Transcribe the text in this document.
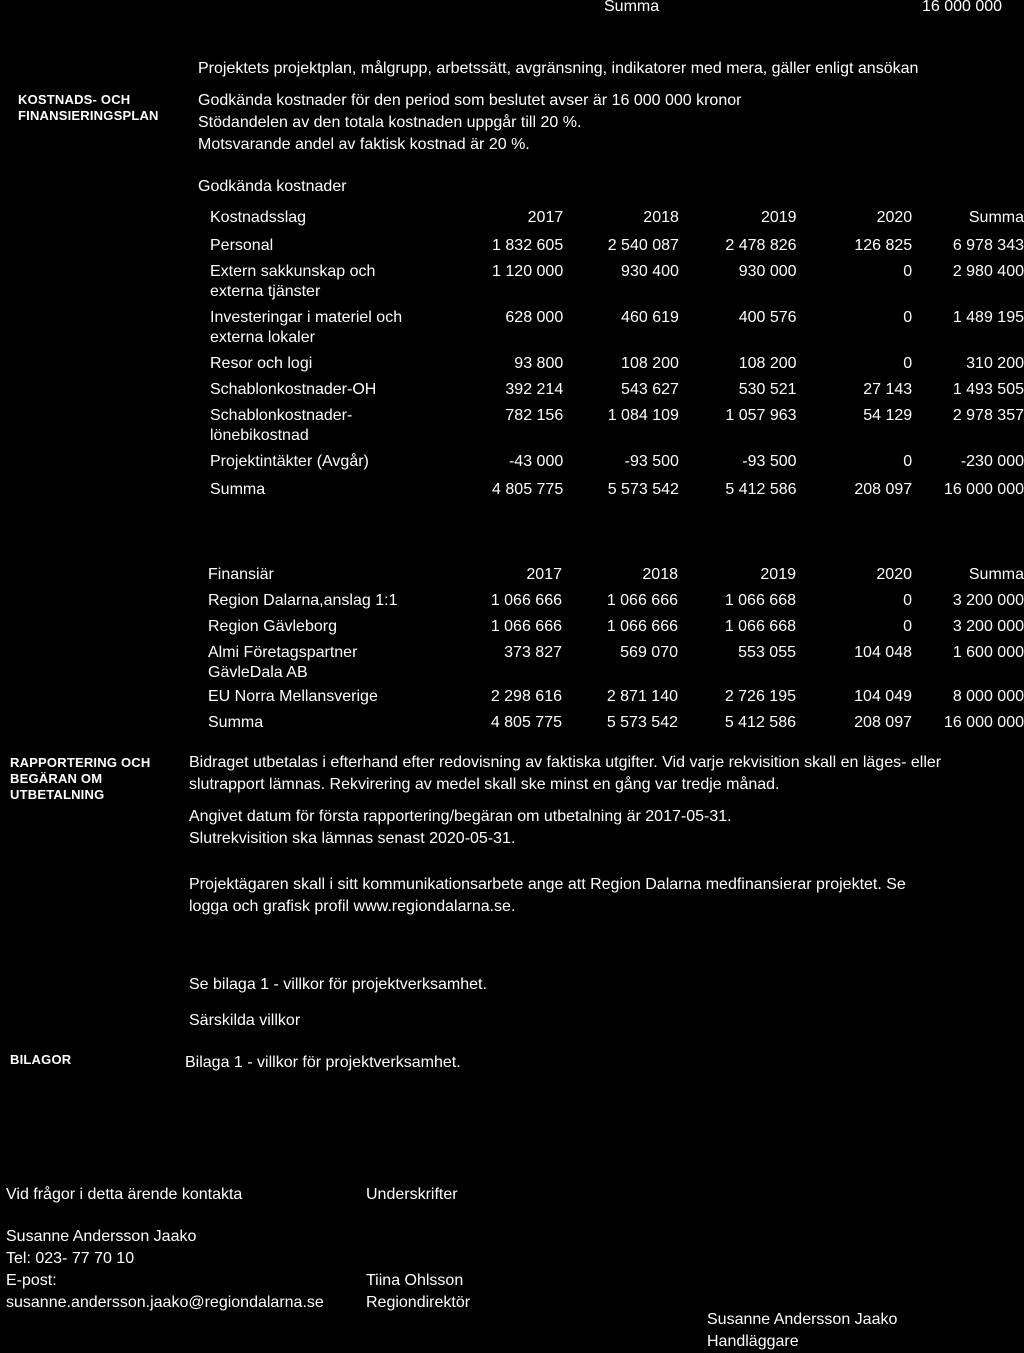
Summa	16 000 000
Projektets projektplan, målgrupp, arbetssätt, avgränsning, indikatorer med mera, gäller enligt ansökan
KOSTNADS- OCH
FINANSIERINGSPLAN
Godkända kostnader för den period som beslutet avser är 16 000 000 kronor
Stödandelen av den totala kostnaden uppgår till 20 %.
Motsvarande andel av faktisk kostnad är 20 %.
Godkända kostnader
Kostnadsslag	2017	2018	2019	2020	Summa

Personal	1 832 605	2 540 087	2 478 826	126 825	6 978 343

Extern sakkunskap och
externa tjänster	1 120 000	930 400	930 000	0	2 980 400

Investeringar i materiel och
externa lokaler	628 000	460 619	400 576	0	1 489 195

Resor och logi	93 800	108 200	108 200	0	310 200

Schablonkostnader-OH	392 214	543 627	530 521	27 143	1 493 505

Schablonkostnader-
lönebikostnad	782 156	1 084 109	1 057 963	54 129	2 978 357

Projektintäkter (Avgår)	-43 000	-93 500	-93 500	0	-230 000

Summa	4 805 775	5 573 542	5 412 586	208 097	16 000 000
Finansiär	2017	2018	2019	2020	Summa

Region Dalarna,anslag 1:1	1 066 666	1 066 666	1 066 668	0	3 200 000

Region Gävleborg	1 066 666	1 066 666	1 066 668	0	3 200 000

Almi Företagspartner
GävleDala AB	373 827	569 070	553 055	104 048	1 600 000

EU Norra Mellansverige	2 298 616	2 871 140	2 726 195	104 049	8 000 000

Summa	4 805 775	5 573 542	5 412 586	208 097	16 000 000
RAPPORTERING OCH
BEGÄRAN OM
UTBETALNING
Bidraget utbetalas i efterhand efter redovisning av faktiska utgifter. Vid varje rekvisition skall en läges- eller
slutrapport lämnas. Rekvirering av medel skall ske minst en gång var tredje månad.
Angivet datum för första rapportering/begäran om utbetalning är 2017-05-31.
Slutrekvisition ska lämnas senast 2020-05-31.
Projektägaren skall i sitt kommunikationsarbete ange att Region Dalarna medfinansierar projektet. Se
logga och grafisk profil www.regiondalarna.se.
Se bilaga 1 - villkor för projektverksamhet.
Särskilda villkor
BILAGOR	Bilaga 1 - villkor för projektverksamhet.
Vid frågor i detta ärende kontakta
Susanne Andersson Jaako
Tel: 023- 77 70 10
E-post:
susanne.andersson.jaako@regiondalarna.se
Underskrifter
Tiina Ohlsson
Regiondirektör
Susanne Andersson Jaako
Handläggare
